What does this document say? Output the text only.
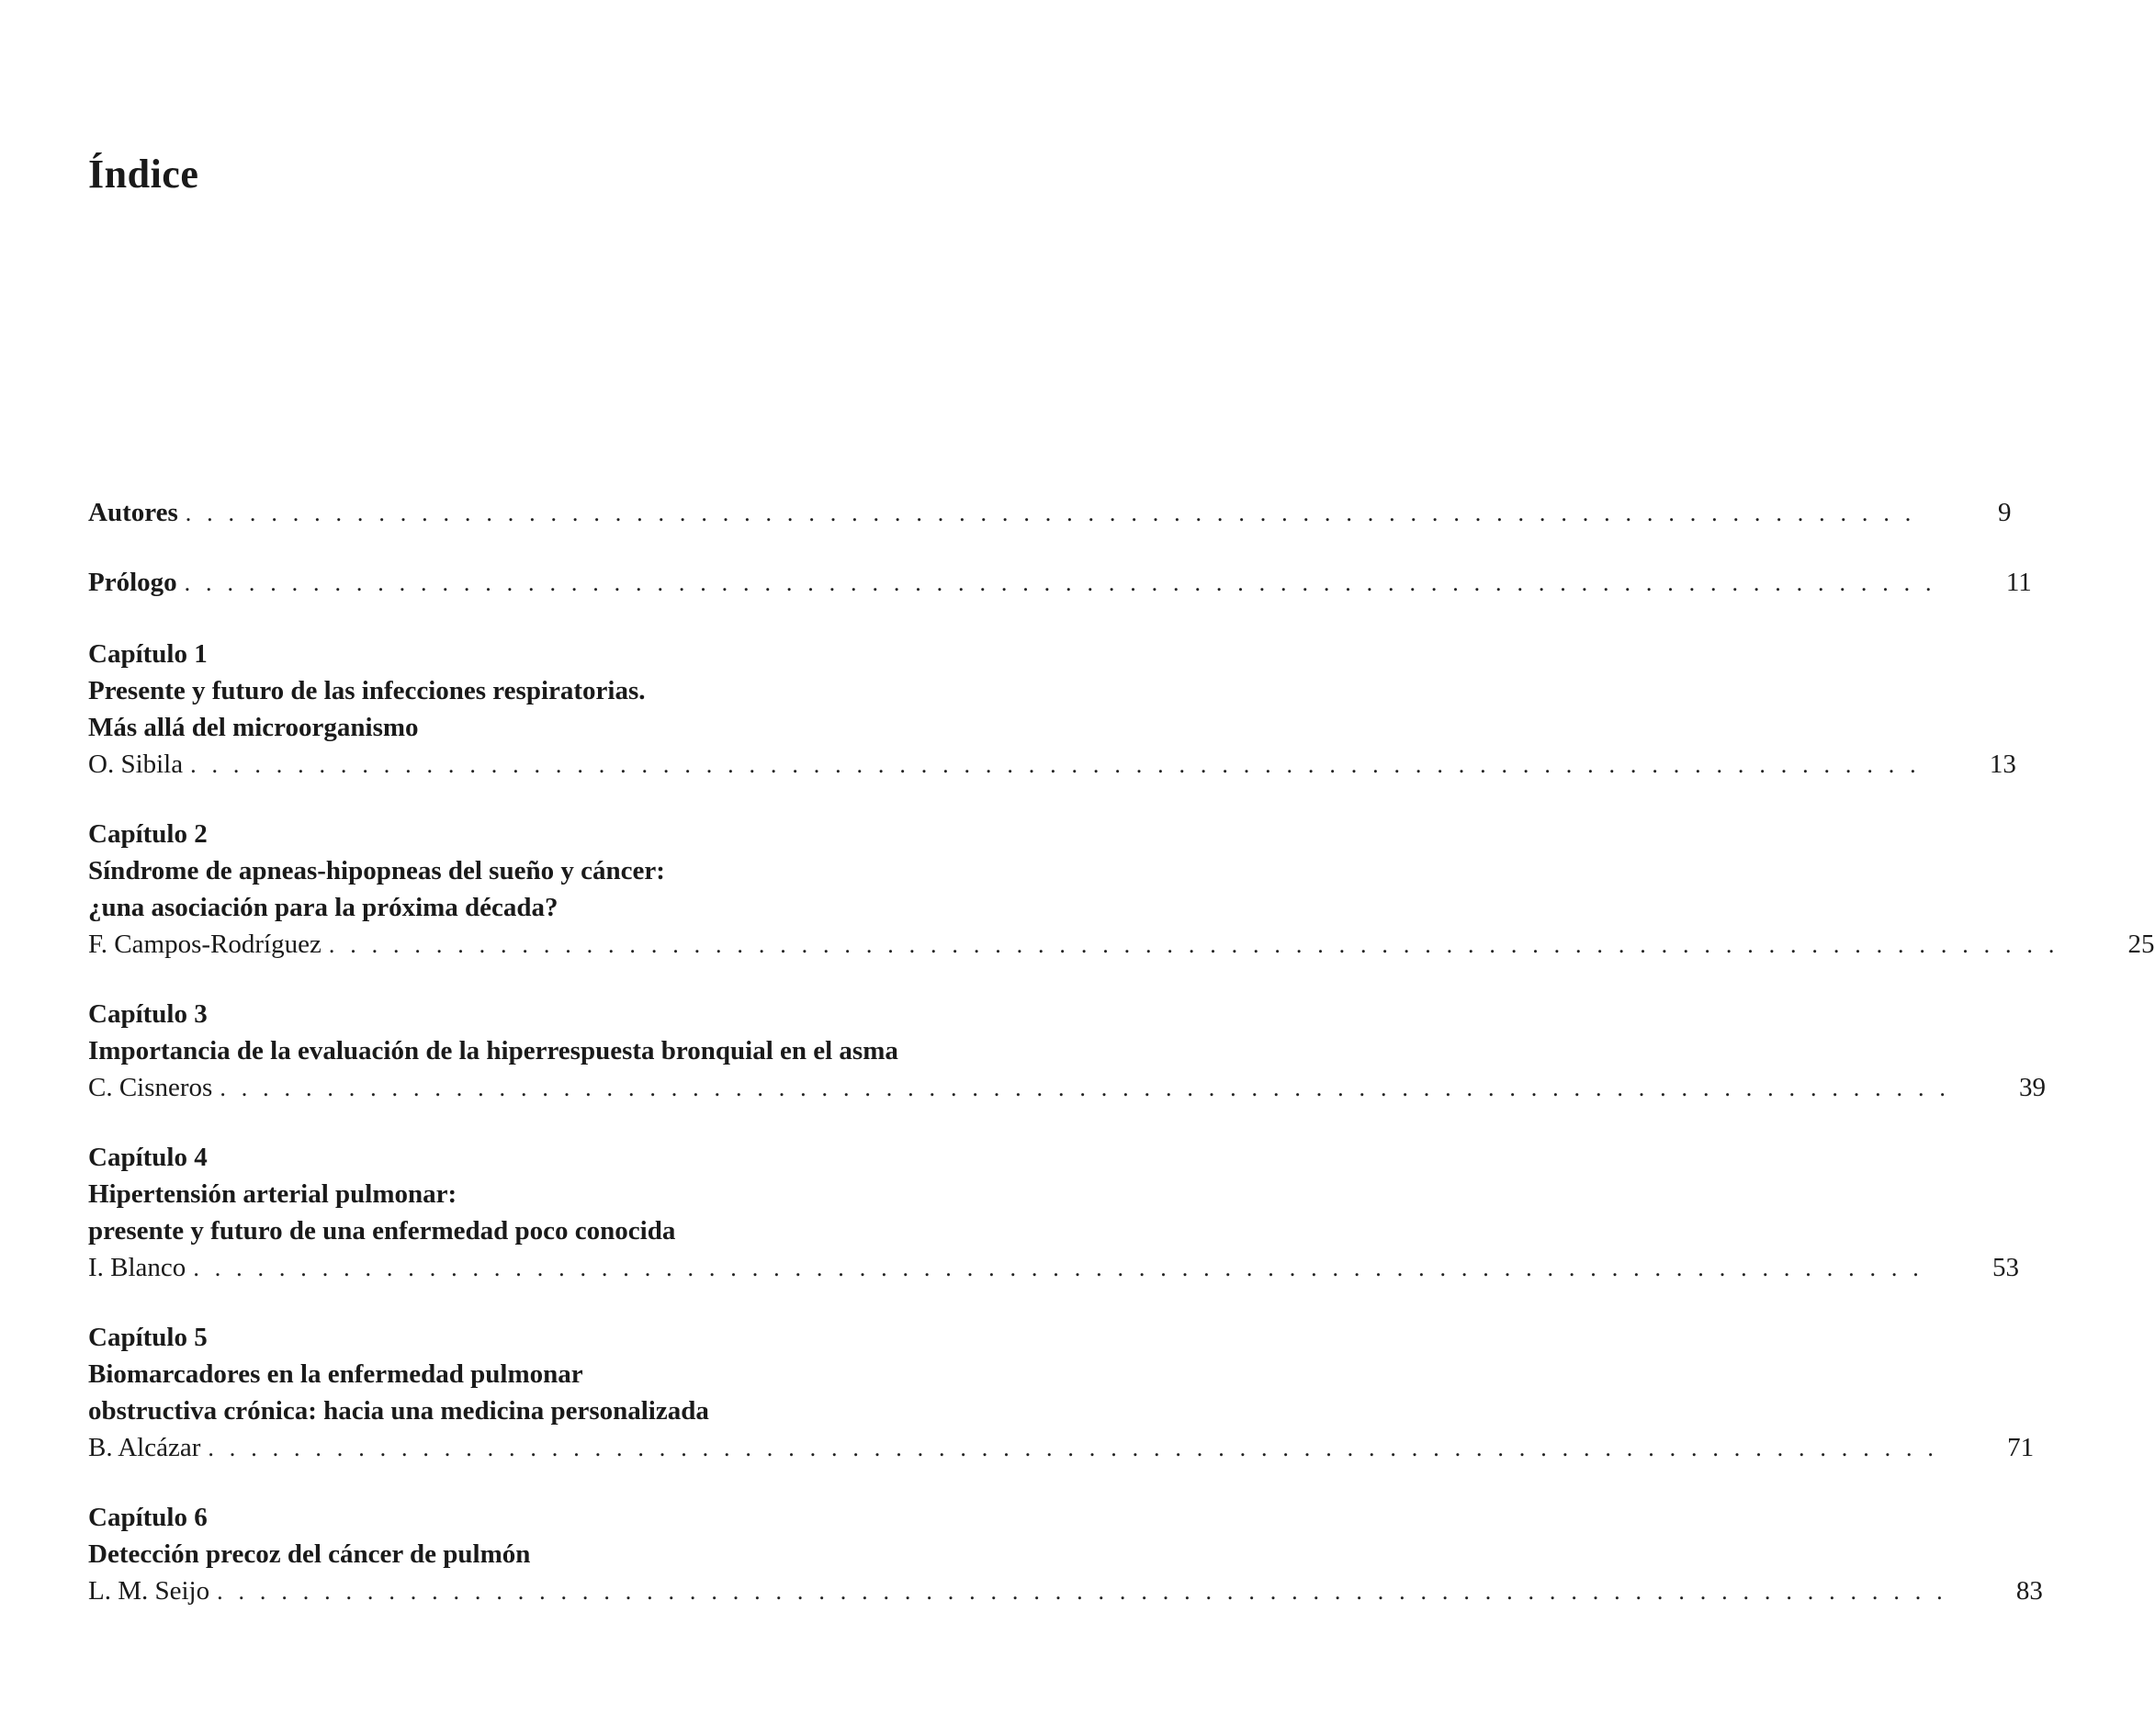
Índice
Autores . . . . . . . . . . . . . . . . . . . . . . . . . . . . . . . . . . . . . . . . . . . . . . . . . . . . . . . . . . . . . . . . . . . . . . . . . . . . . . . . .	9
Prólogo . . . . . . . . . . . . . . . . . . . . . . . . . . . . . . . . . . . . . . . . . . . . . . . . . . . . . . . . . . . . . . . . . . . . . . . . . . . . . . . . . .	11
Capítulo 1
Presente y futuro de las infecciones respiratorias.
Más allá del microorganismo
O. Sibila . . . . . . . . . . . . . . . . . . . . . . . . . . . . . . . . . . . . . . . . . . . . . . . . . . . . . . . . . . . . . . . . . . . . . . . . . . . . . . . . .	13
Capítulo 2
Síndrome de apneas-hipopneas del sueño y cáncer:
¿una asociación para la próxima década?
F. Campos-Rodríguez . . . . . . . . . . . . . . . . . . . . . . . . . . . . . . . . . . . . . . . . . . . . . . . . . . . . . . . . . . . . . . . . . . . . . . . . . . . . . . . . .	25
Capítulo 3
Importancia de la evaluación de la hiperrespuesta bronquial en el asma
C. Cisneros . . . . . . . . . . . . . . . . . . . . . . . . . . . . . . . . . . . . . . . . . . . . . . . . . . . . . . . . . . . . . . . . . . . . . . . . . . . . . . . . .	39
Capítulo 4
Hipertensión arterial pulmonar:
presente y futuro de una enfermedad poco conocida
I. Blanco . . . . . . . . . . . . . . . . . . . . . . . . . . . . . . . . . . . . . . . . . . . . . . . . . . . . . . . . . . . . . . . . . . . . . . . . . . . . . . . . .	53
Capítulo 5
Biomarcadores en la enfermedad pulmonar
obstructiva crónica: hacia una medicina personalizada
B. Alcázar . . . . . . . . . . . . . . . . . . . . . . . . . . . . . . . . . . . . . . . . . . . . . . . . . . . . . . . . . . . . . . . . . . . . . . . . . . . . . . . . .	71
Capítulo 6
Detección precoz del cáncer de pulmón
L. M. Seijo . . . . . . . . . . . . . . . . . . . . . . . . . . . . . . . . . . . . . . . . . . . . . . . . . . . . . . . . . . . . . . . . . . . . . . . . . . . . . . . . .	83
